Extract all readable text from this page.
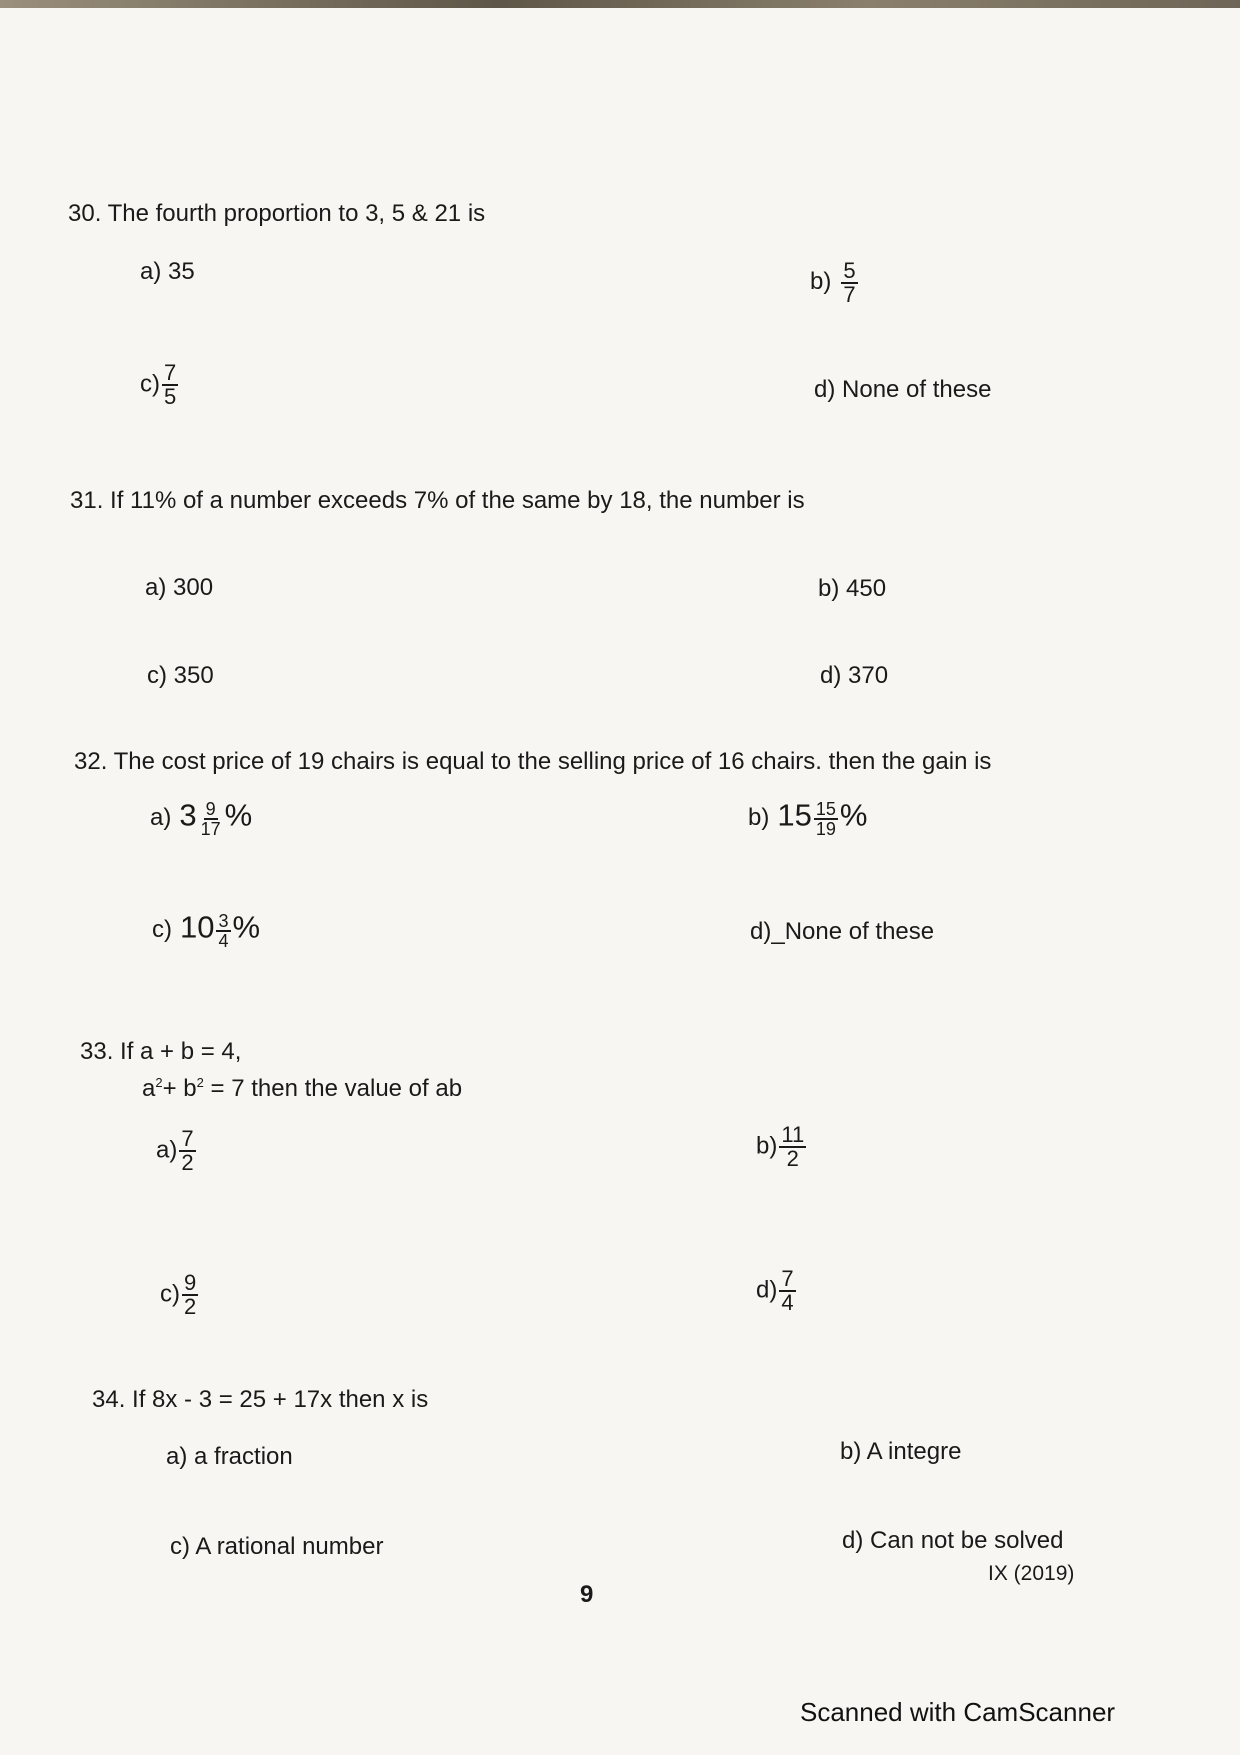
30. The fourth proportion to 3, 5 & 21 is
a) 35	$b) \frac{5}{7}$
$c) \frac{7}{5}$	d) None of these
31. If 11% of a number exceeds 7% of the same by 18, the number is
a) 300	b) 450
c) 350	d) 370
32. The cost price of 19 chairs is equal to the selling price of 16 chairs. then the gain is
a) $3 \frac{9}{17}$ %	b) $15 \frac{15}{19}$ %
c) $10 \frac{3}{4}$ %	d)_None of these
33. If a + b = 4,
$a^2+ b^2 = 7$ then the value of ab
$a) \frac{7}{2}$	$b) \frac{11}{2}$
$c) \frac{9}{2}$	$d) \frac{7}{4}$
34. If 8x - 3 = 25 + 17x then x is
a) a fraction	b) A integre
c) A rational number	d) Can not be solved
9
IX (2019)
Scanned with CamScanner
